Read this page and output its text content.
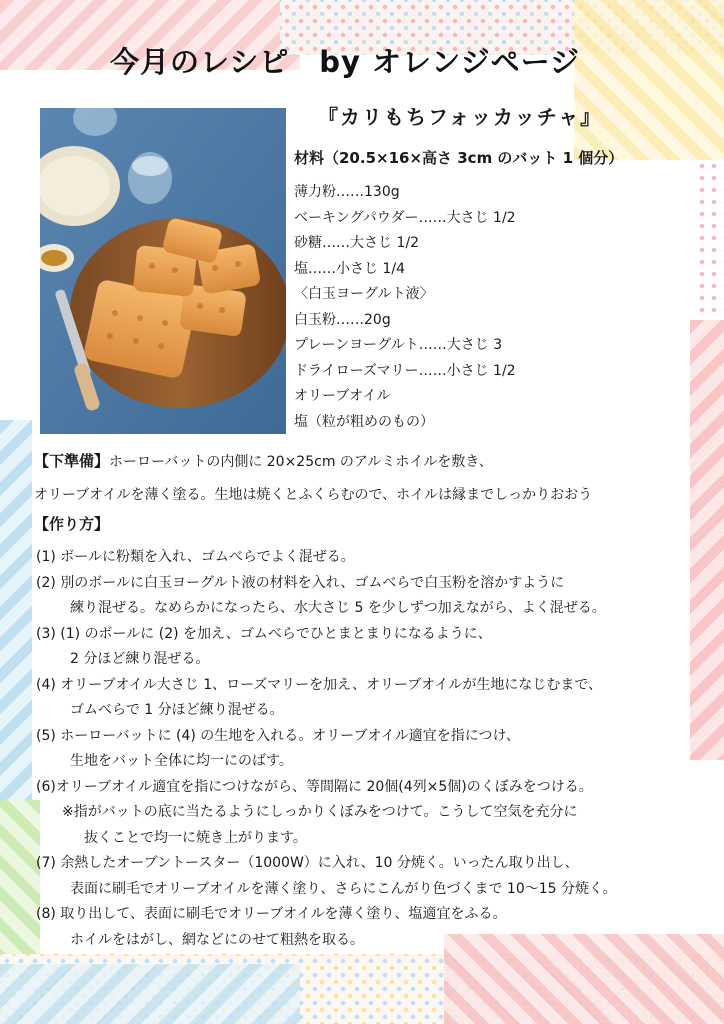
今月のレシピ　by オレンジページ
『カリもちフォッカッチャ』
材料（20.5×16×高さ 3cm のバット 1 個分）
薄力粉……130g
ベーキングパウダー……大さじ 1/2
砂糖……大さじ 1/2
塩……小さじ 1/4
〈白玉ヨーグルト液〉
白玉粉……20g
プレーンヨーグルト……大さじ 3
ドライローズマリー……小さじ 1/2
オリーブオイル
塩（粒が粗めのもの）
【下準備】ホーローバットの内側に 20×25cm のアルミホイルを敷き、
オリーブオイルを薄く塗る。生地は焼くとふくらむので、ホイルは縁までしっかりおおう
【作り方】
(1) ボールに粉類を入れ、ゴムべらでよく混ぜる。
(2) 別のボールに白玉ヨーグルト液の材料を入れ、ゴムべらで白玉粉を溶かすように
練り混ぜる。なめらかになったら、水大さじ 5 を少しずつ加えながら、よく混ぜる。
(3) (1) のボールに (2) を加え、ゴムべらでひとまとまりになるように、
2 分ほど練り混ぜる。
(4) オリーブオイル大さじ 1、ローズマリーを加え、オリーブオイルが生地になじむまで、
ゴムべらで 1 分ほど練り混ぜる。
(5) ホーローバットに (4) の生地を入れる。オリーブオイル適宜を指につけ、
生地をバット全体に均一にのばす。
(6)オリーブオイル適宜を指につけながら、等間隔に 20個(4列×5個)のくぼみをつける。
※指がバットの底に当たるようにしっかりくぼみをつけて。こうして空気を充分に
抜くことで均一に焼き上がります。
(7) 余熱したオーブントースター（1000W）に入れ、10 分焼く。いったん取り出し、
表面に刷毛でオリーブオイルを薄く塗り、さらにこんがり色づくまで 10〜15 分焼く。
(8) 取り出して、表面に刷毛でオリーブオイルを薄く塗り、塩適宜をふる。
ホイルをはがし、網などにのせて粗熱を取る。
